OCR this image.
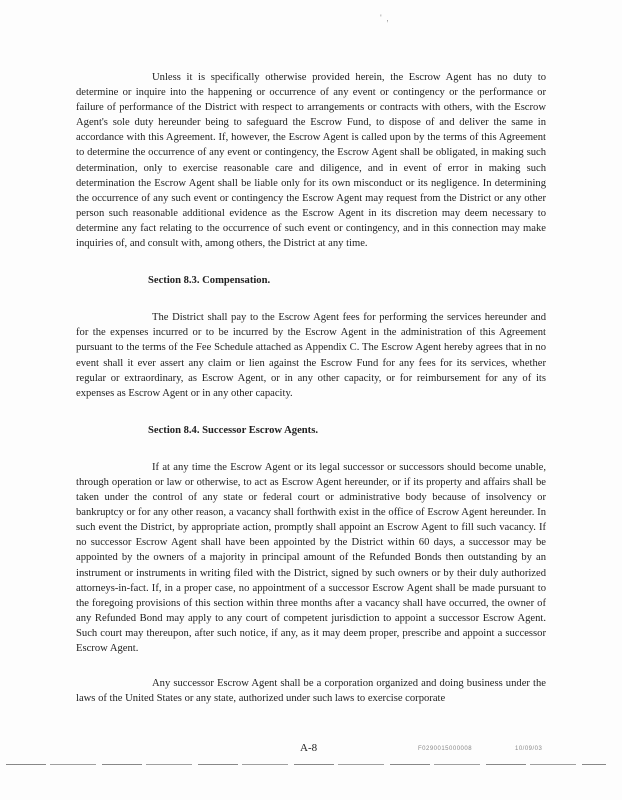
' ,

Unless it is specifically otherwise provided herein, the Escrow Agent has no duty to determine or inquire into the happening or occurrence of any event or contingency or the performance or failure of performance of the District with respect to arrangements or contracts with others, with the Escrow Agent's sole duty hereunder being to safeguard the Escrow Fund, to dispose of and deliver the same in accordance with this Agreement. If, however, the Escrow Agent is called upon by the terms of this Agreement to determine the occurrence of any event or contingency, the Escrow Agent shall be obligated, in making such determination, only to exercise reasonable care and diligence, and in event of error in making such determination the Escrow Agent shall be liable only for its own misconduct or its negligence. In determining the occurrence of any such event or contingency the Escrow Agent may request from the District or any other person such reasonable additional evidence as the Escrow Agent in its discretion may deem necessary to determine any fact relating to the occurrence of such event or contingency, and in this connection may make inquiries of, and consult with, among others, the District at any time.

Section 8.3. Compensation.

The District shall pay to the Escrow Agent fees for performing the services hereunder and for the expenses incurred or to be incurred by the Escrow Agent in the administration of this Agreement pursuant to the terms of the Fee Schedule attached as Appendix C. The Escrow Agent hereby agrees that in no event shall it ever assert any claim or lien against the Escrow Fund for any fees for its services, whether regular or extraordinary, as Escrow Agent, or in any other capacity, or for reimbursement for any of its expenses as Escrow Agent or in any other capacity.

Section 8.4. Successor Escrow Agents.

If at any time the Escrow Agent or its legal successor or successors should become unable, through operation or law or otherwise, to act as Escrow Agent hereunder, or if its property and affairs shall be taken under the control of any state or federal court or administrative body because of insolvency or bankruptcy or for any other reason, a vacancy shall forthwith exist in the office of Escrow Agent hereunder. In such event the District, by appropriate action, promptly shall appoint an Escrow Agent to fill such vacancy. If no successor Escrow Agent shall have been appointed by the District within 60 days, a successor may be appointed by the owners of a majority in principal amount of the Refunded Bonds then outstanding by an instrument or instruments in writing filed with the District, signed by such owners or by their duly authorized attorneys-in-fact. If, in a proper case, no appointment of a successor Escrow Agent shall be made pursuant to the foregoing provisions of this section within three months after a vacancy shall have occurred, the owner of any Refunded Bond may apply to any court of competent jurisdiction to appoint a successor Escrow Agent. Such court may thereupon, after such notice, if any, as it may deem proper, prescribe and appoint a successor Escrow Agent.

Any successor Escrow Agent shall be a corporation organized and doing business under the laws of the United States or any state, authorized under such laws to exercise corporate

A-8	F0290015000008	10/09/03
